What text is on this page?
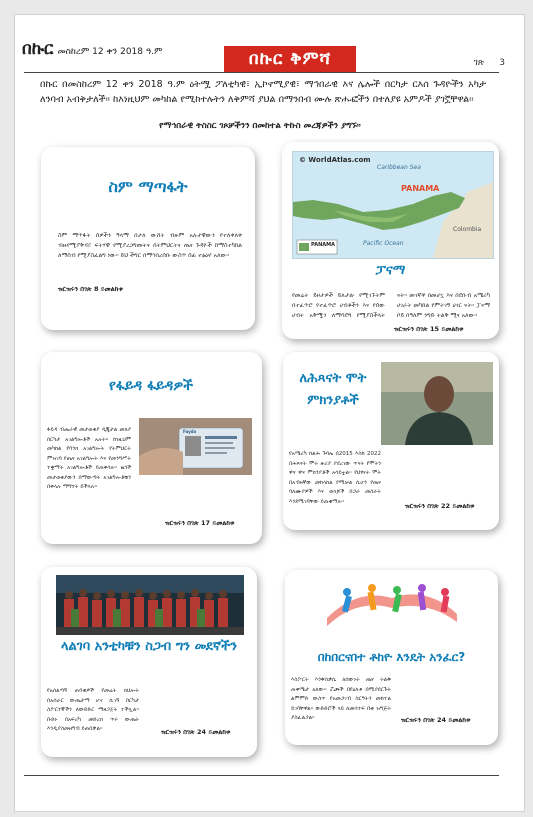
በኩር መስከረም 12 ቀን 2018 ዓ.ም	በኩር ቅምሻ	ገጽ 3
በኩር በመስከረም 12 ቀን 2018 ዓ.ም ዕትሟ ፖለቲካዊ፣ ኢኮኖሚያዊ፣ ማኅበራዊ እና ሌሎች በርካታ ርእሰ ጉዳዮችን አካታ ለንባብ አብቅታለች፡፡ ከእነዚህም መካከል የሚከተሉትን ለቅምሻ ያህል በማንበብ ሙሉ ጽሑፎችን በተለያዩ አምዶች ያገኟቸዋል፡፡
የማኅበራዊ ትስስር ገጾቻችንን በመከተል ትኩስ መረጃዎችን ያግኙ።
ስም ማጣፋት
ስም ማጥፋት ሰዎችን ዓላማ በታለ ውሸት ብዙም አሉታዊውን የተለቀለቀ ብዙየሚያቅብ፣ ፍትሃዊ የሚያረጋግጡትና በትምህርትና ጤና ጉዳዮች ከማስተካከል ለማሰብ የሚያስፈልግ ነው፡፡ ይህ ችግር በማኅበረሰቡ ውስጥ ሰፊ ተፅዕኖ አለው፡፡
ዝርዝሩን በገጽ 8 ይመልከቱ
© WorldAtlas.com
Caribbean Sea
PANAMA
Pacific Ocean
Colombia
PANAMA
ፓናማ
የመሬት ይዞታዎች ይለታል፡ የሚገኙትም በተፈጥሮ የተፈጥሮ ሀብቶችን እና የሰው ሀብት አቅሟን ለማሳደግ የሚያስችላት ናት፡፡ መገኛዋ በመሆኗ እና በደቡብ አሜሪካ ሀገራት መካከል የምትገኝ ሀገር ናት፡፡ ፓናማ ቦይ በዓለም ንግድ ትልቅ ሚና አለው፡፡
ዝርዝሩን በገጽ 15 ይመልከቱ
የፋይዳ ፋይዳዎች
ፋይዳ ብሔራዊ መታወቂያ ዲጂታል መለያ በርካታ አገልግሎቶች አሉት፡፡ ከነዚህም መካከል የባንክ አገልግሎት የትምህርት ምዝገባ የጤና አገልግሎት እና የመንግሥት ተቋማት አገልግሎቶች ይጠቀሳሉ፡፡ ዜጎች መታወቂያውን በማውጣት አገልግሎቶቹን በቀላሉ ማግኘት ይችላሉ፡፡
Fayda
ዝርዝሩን በገጽ 17 ይመልከቱ
ለሕጻናት ሞት ምክንያቶች
የአሜሪካ ከልሕ ጉባኤ በ2015 እስከ 2022 በሕጻናት ሞት ዙሪያ ያደረገው ጥናት የሞትን ዋና ዋና ምክንያቶች አሳይቷል፡፡ የህፃናት ሞት በአብዛኛው መከላከል የሚቻል ሲሆን የጤና ባለሙያዎች እና ወላጆች በጋራ መስራት እንደሚገባቸው ይጠቁማሉ፡፡
ዝርዝሩን በገጽ 22 ይመልከቱ
ላልገባ አንቲካቹን ስጋብ ግን መደኛችን
የአሰልጣኝ ጠባቂዎች የመሬት ክህሎት በአሰራር ውጤታማ ሆኖ ሲገኝ በርካታ ስፖርተኞችን ለውድድር ማዘጋጀት ተችሏል፡፡ ቡድኑ በአፍሪካ መድረክ ጥሩ ውጤት እንዲያስመዘግብ ይጠበቃል፡፡	ዝርዝሩን በገጽ 24 ይመልከቱ
በከበርናበተ ቶከዮ እንዴት አንፈር?
እስፖርት እንቅስቃሴ ለሰውነት ጤና ትልቅ ጠቀሜታ አለው፡፡ ሯጮች በየዕለቱ በሚያደርጉት ልምምድ ውስጥ የአመጋገብ ስርዓትን መከተል ይገባቸዋል፡፡ ውድድሮች ላይ ለመሳተፍ በቂ ዝግጅት ያስፈልጋል፡፡	ዝርዝሩን በገጽ 24 ይመልከቱ
